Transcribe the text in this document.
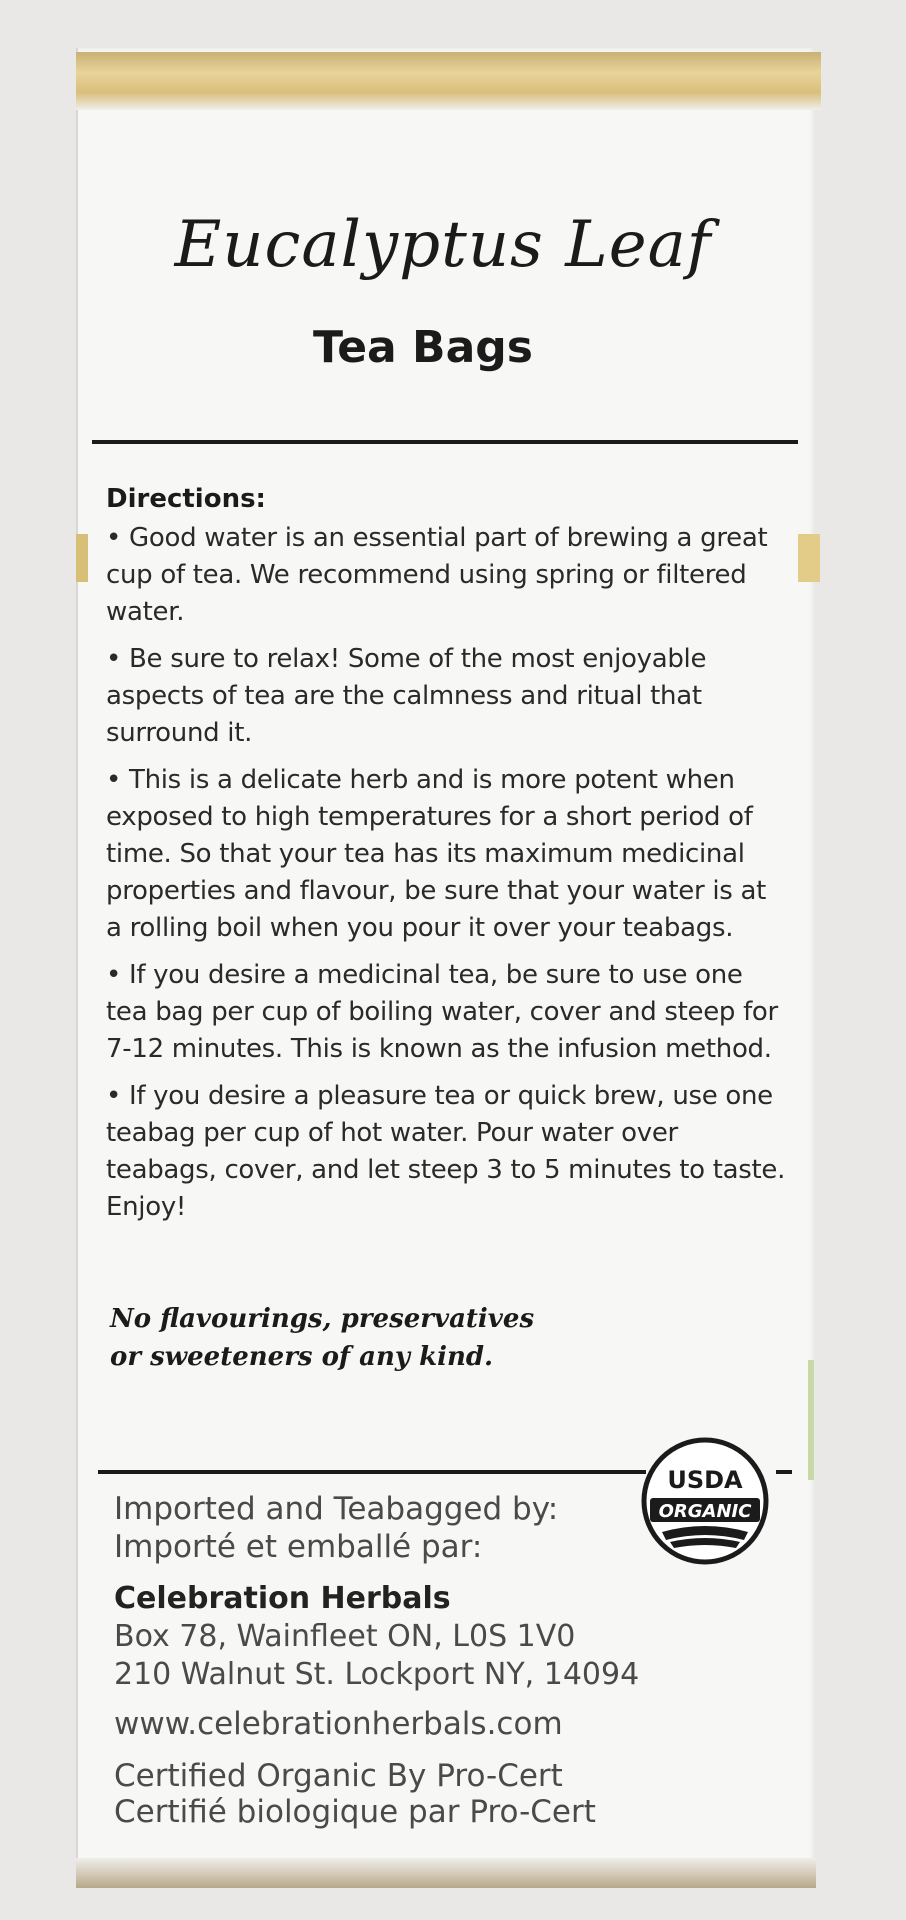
Eucalyptus Leaf
Tea Bags
Directions:

• Good water is an essential part of brewing a great cup of tea. We recommend using spring or filtered water.

• Be sure to relax! Some of the most enjoyable aspects of tea are the calmness and ritual that surround it.

• This is a delicate herb and is more potent when exposed to high temperatures for a short period of time. So that your tea has its maximum medicinal properties and flavour, be sure that your water is at a rolling boil when you pour it over your teabags.

• If you desire a medicinal tea, be sure to use one tea bag per cup of boiling water, cover and steep for 7-12 minutes. This is known as the infusion method.

• If you desire a pleasure tea or quick brew, use one teabag per cup of hot water. Pour water over teabags, cover, and let steep 3 to 5 minutes to taste. Enjoy!

No flavourings, preservatives
or sweeteners of any kind.
USDA
ORGANIC
Imported and Teabagged by:
Importé et emballé par:
Celebration Herbals
Box 78, Wainfleet ON, L0S 1V0
210 Walnut St. Lockport NY, 14094
www.celebrationherbals.com
Certified Organic By Pro-Cert
Certifié biologique par Pro-Cert
